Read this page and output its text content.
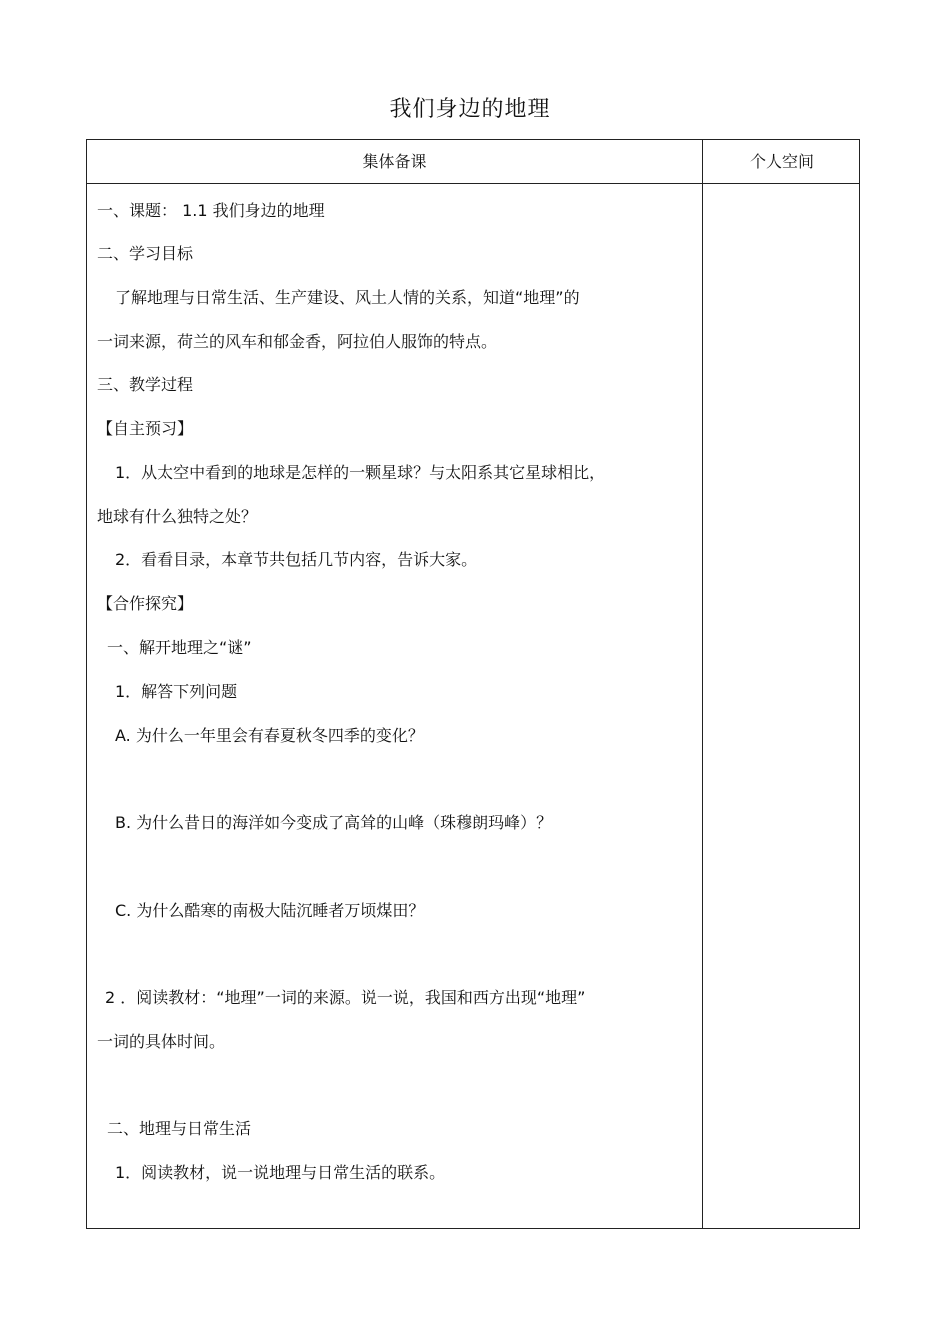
我们身边的地理
集体备课	个人空间
一、课题： 1.1 我们身边的地理
二、学习目标
了解地理与日常生活、生产建设、风土人情的关系，知道“地理”的
一词来源，荷兰的风车和郁金香，阿拉伯人服饰的特点。
三、教学过程
【自主预习】
1．从太空中看到的地球是怎样的一颗星球？与太阳系其它星球相比，
地球有什么独特之处？
2．看看目录，本章节共包括几节内容，告诉大家。
【合作探究】
一、解开地理之“谜”
1．解答下列问题
A. 为什么一年里会有春夏秋冬四季的变化？
B. 为什么昔日的海洋如今变成了高耸的山峰（珠穆朗玛峰）？
C. 为什么酷寒的南极大陆沉睡者万顷煤田？
2 ．阅读教材：“地理”一词的来源。说一说，我国和西方出现“地理”
一词的具体时间。
二、地理与日常生活
1．阅读教材，说一说地理与日常生活的联系。
